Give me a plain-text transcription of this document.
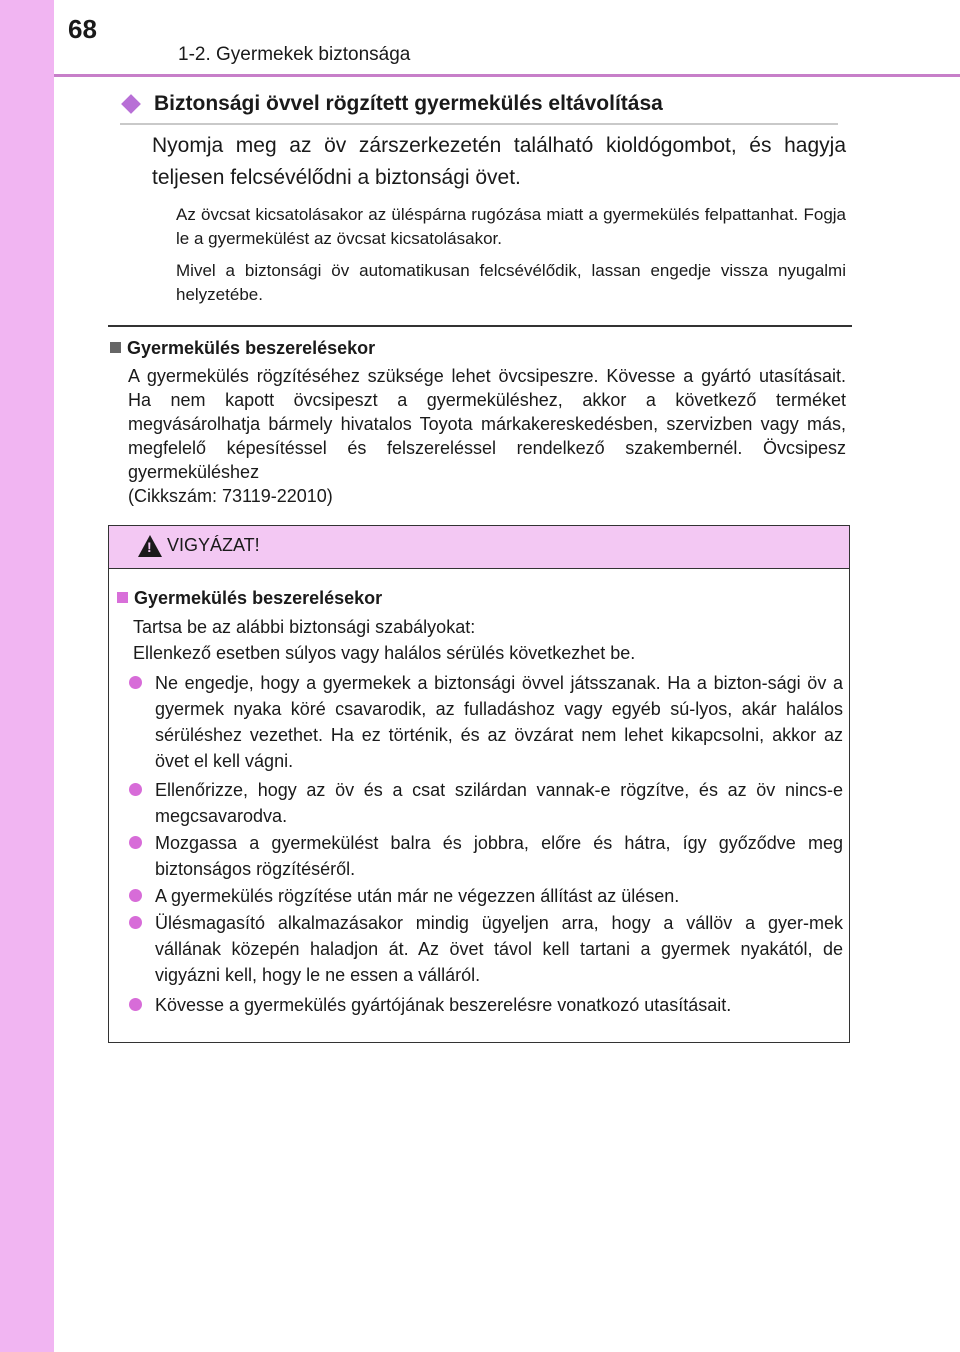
68
1-2. Gyermekek biztonsága
Biztonsági övvel rögzített gyermekülés eltávolítása

Nyomja meg az öv zárszerkezetén található kioldógombot, és hagyja teljesen felcsévélődni a biztonsági övet.

Az övcsat kicsatolásakor az üléspárna rugózása miatt a gyermekülés felpattanhat. Fogja le a gyermekülést az övcsat kicsatolásakor.

Mivel a biztonsági öv automatikusan felcsévélődik, lassan engedje vissza nyugalmi helyzetébe.

Gyermekülés beszerelésekor

A gyermekülés rögzítéséhez szüksége lehet övcsipeszre. Kövesse a gyártó utasításait. Ha nem kapott övcsipeszt a gyermeküléshez, akkor a következő terméket megvásárolhatja bármely hivatalos Toyota márkakereskedésben, szervizben vagy más, megfelelő képesítéssel és felszereléssel rendelkező szakembernél. Övcsipesz gyermeküléshez

(Cikkszám: 73119-22010)
!
VIGYÁZAT!
Gyermekülés beszerelésekor

Tartsa be az alábbi biztonsági szabályokat:
Ellenkező esetben súlyos vagy halálos sérülés következhet be.

Ne engedje, hogy a gyermekek a biztonsági övvel játsszanak. Ha a bizton-sági öv a gyermek nyaka köré csavarodik, az fulladáshoz vagy egyéb sú-lyos, akár halálos sérüléshez vezethet. Ha ez történik, és az övzárat nem lehet kikapcsolni, akkor az övet el kell vágni.

Ellenőrizze, hogy az öv és a csat szilárdan vannak-e rögzítve, és az öv nincs-e megcsavarodva.

Mozgassa a gyermekülést balra és jobbra, előre és hátra, így győződve meg biztonságos rögzítéséről.

A gyermekülés rögzítése után már ne végezzen állítást az ülésen.

Ülésmagasító alkalmazásakor mindig ügyeljen arra, hogy a vállöv a gyer-mek vállának közepén haladjon át. Az övet távol kell tartani a gyermek nyakától, de vigyázni kell, hogy le ne essen a válláról.

Kövesse a gyermekülés gyártójának beszerelésre vonatkozó utasításait.
